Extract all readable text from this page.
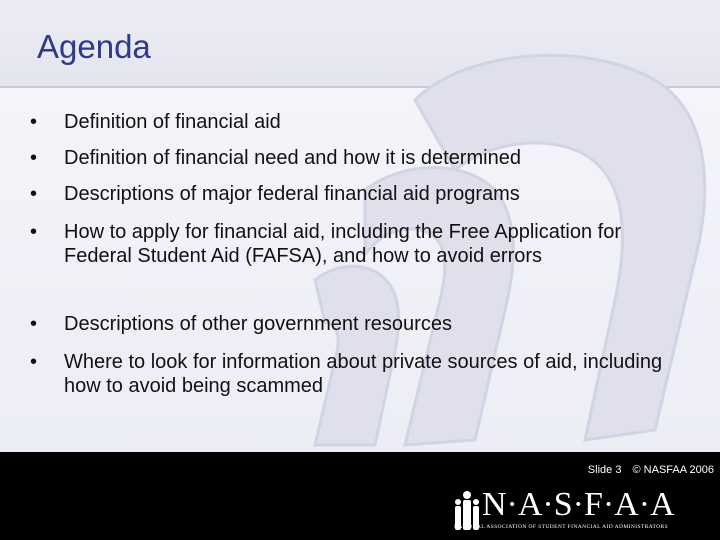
Agenda
•	Definition of financial aid
•	Definition of financial need and how it is determined
•	Descriptions of major federal financial aid programs
•	How to apply for financial aid, including the Free Application for Federal Student Aid (FAFSA), and how to avoid errors
•	Descriptions of other government resources
•	Where to look for information about private sources of aid, including how to avoid being scammed
Slide 3 © NASFAA 2006
N·A·S·F·A·A
NATIONAL ASSOCIATION OF STUDENT FINANCIAL AID ADMINISTRATORS
